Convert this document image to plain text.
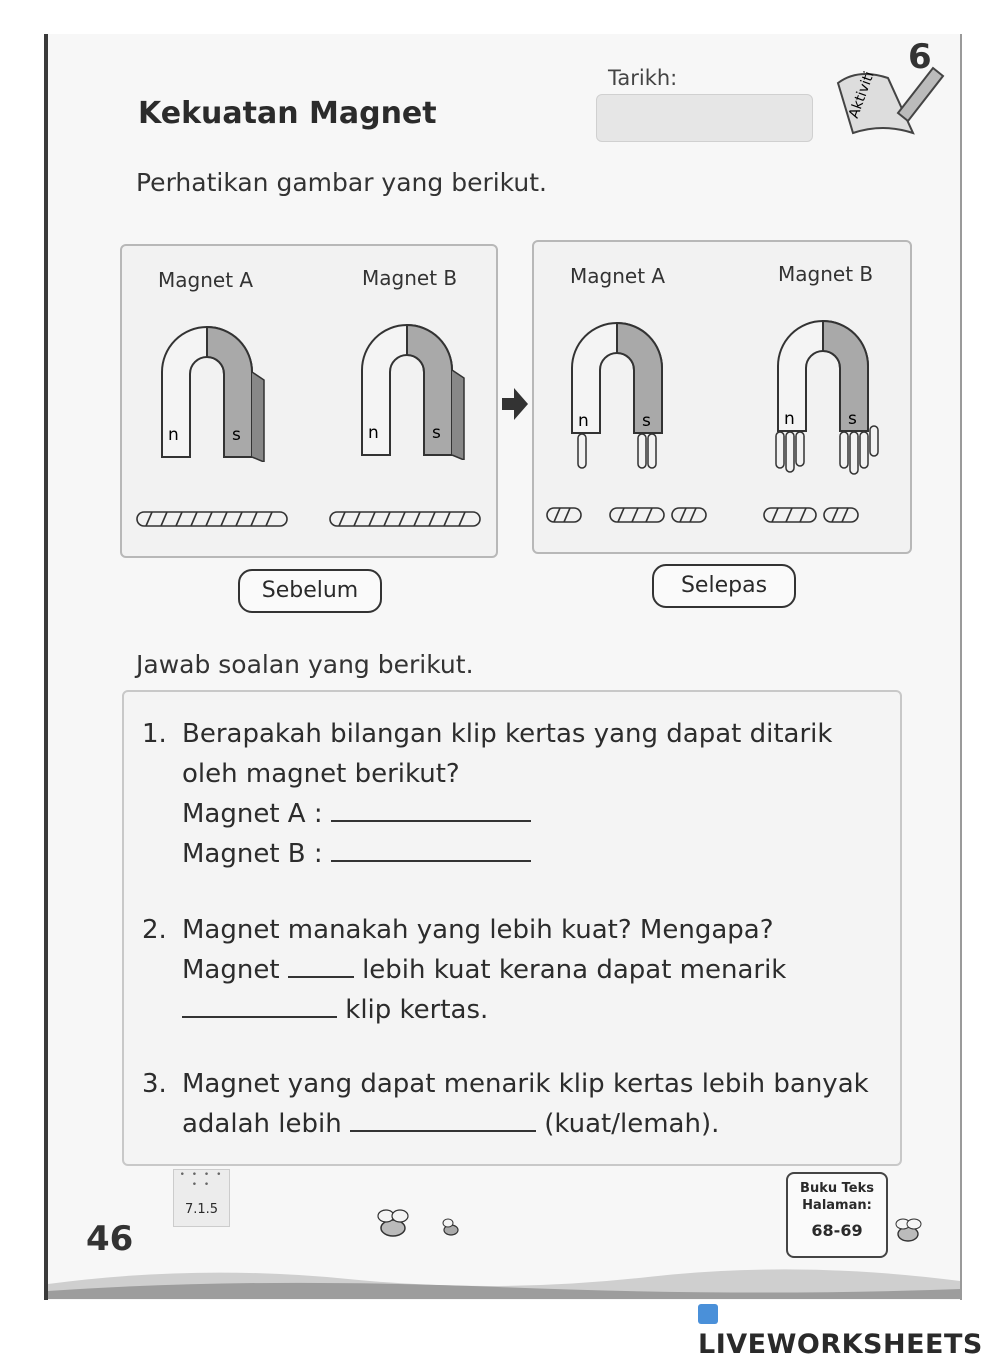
Kekuatan Magnet
Tarikh:	Aktiviti
6
Perhatikan gambar yang berikut.
Magnet A	Magnet B
n	s	n	s
Magnet A	Magnet B
n	s	n	s
Sebelum	Selepas
Jawab soalan yang berikut.
1. Berapakah bilangan klip kertas yang dapat ditarik
oleh magnet berikut?
Magnet A :
Magnet B :
2. Magnet manakah yang lebih kuat? Mengapa?
Magnet	lebih kuat kerana dapat menarik
klip kertas.
3. Magnet yang dapat menarik klip kertas lebih banyak
adalah lebih	(kuat/lemah).
• • • • • •
7.1.5
46
Buku Teks
Halaman:
68-69
LIVEWORKSHEETS
